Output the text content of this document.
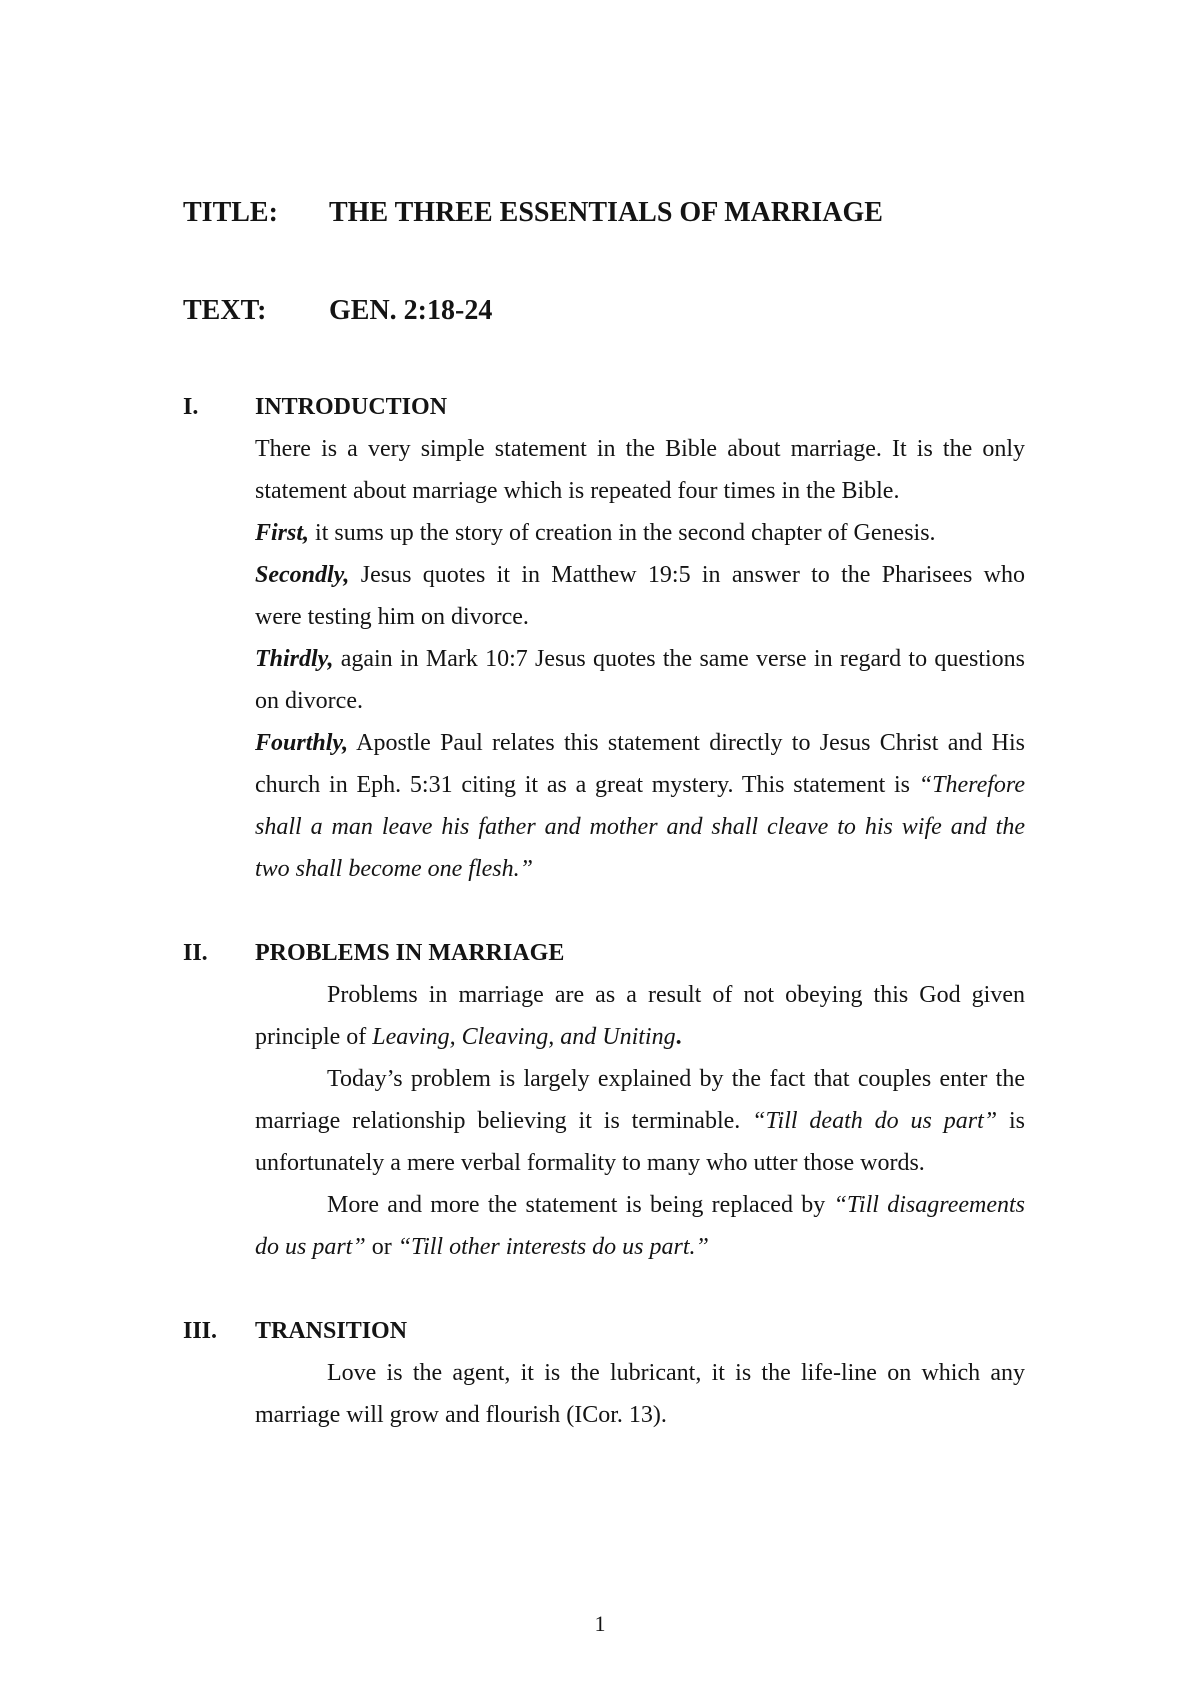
TITLE: THE THREE ESSENTIALS OF MARRIAGE
TEXT: GEN. 2:18-24
I. INTRODUCTION
There is a very simple statement in the Bible about marriage. It is the only
statement about marriage which is repeated four times in the Bible.
First, it sums up the story of creation in the second chapter of Genesis.
Secondly, Jesus quotes it in Matthew 19:5 in answer to the Pharisees who
were testing him on divorce.
Thirdly, again in Mark 10:7 Jesus quotes the same verse in regard to questions
on divorce.
Fourthly, Apostle Paul relates this statement directly to Jesus Christ and His
church in Eph. 5:31 citing it as a great mystery. This statement is “Therefore
shall a man leave his father and mother and shall cleave to his wife and the
two shall become one flesh.”
II. PROBLEMS IN MARRIAGE
Problems in marriage are as a result of not obeying this God given
principle of Leaving, Cleaving, and Uniting.
Today’s problem is largely explained by the fact that couples enter the
marriage relationship believing it is terminable. “Till death do us part” is
unfortunately a mere verbal formality to many who utter those words.
More and more the statement is being replaced by “Till disagreements
do us part” or “Till other interests do us part.”
III. TRANSITION
Love is the agent, it is the lubricant, it is the life-line on which any
marriage will grow and flourish (ICor. 13).
1
